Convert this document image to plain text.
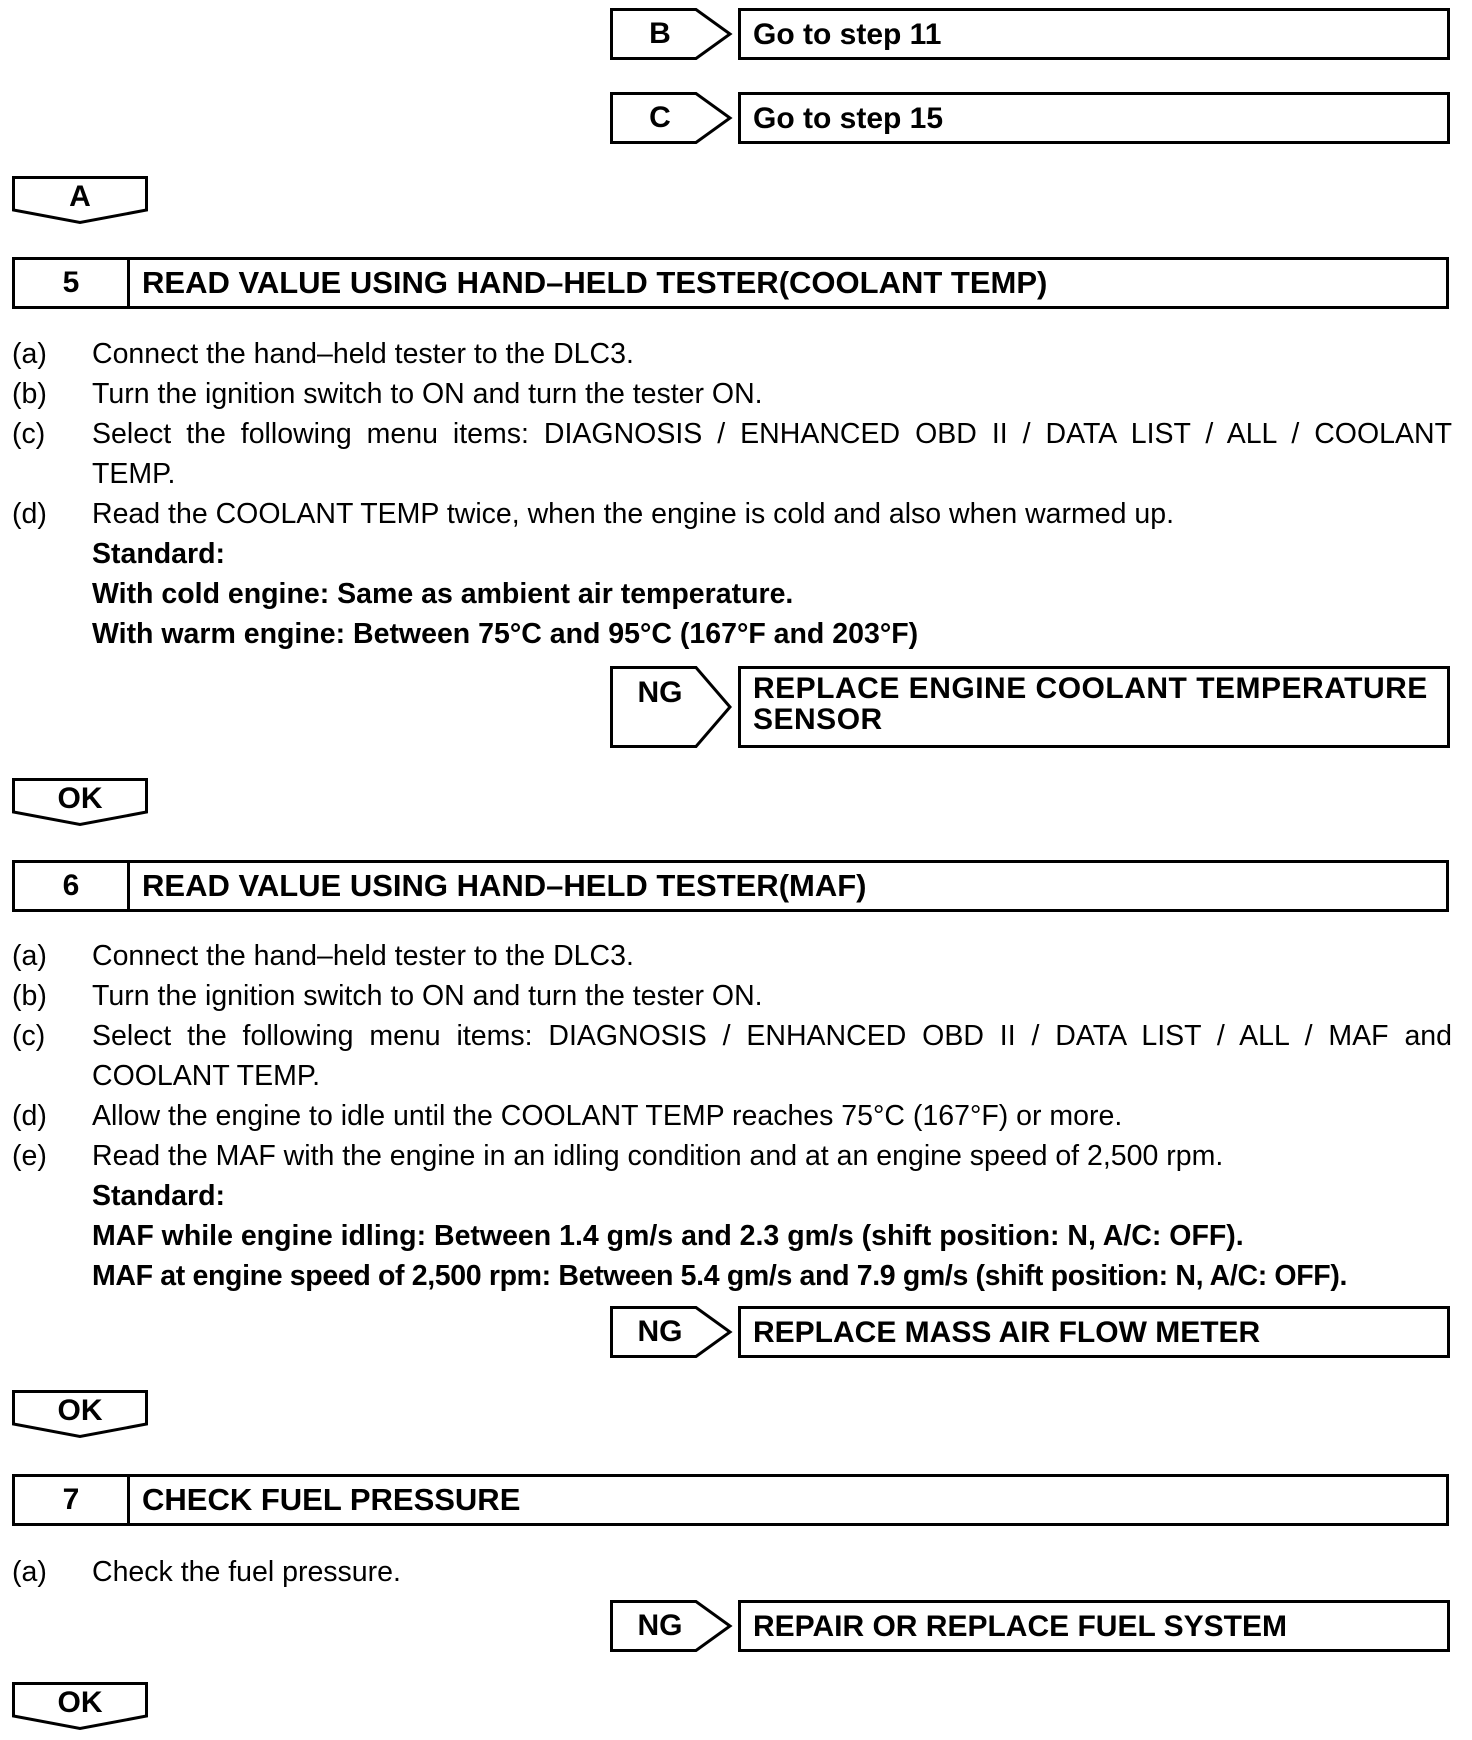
B	Go to step 11
C	Go to step 15
A
5	READ VALUE USING HAND–HELD TESTER(COOLANT TEMP)
(a) Connect the hand–held tester to the DLC3.
(b) Turn the ignition switch to ON and turn the tester ON.
(c) Select the following menu items: DIAGNOSIS / ENHANCED OBD II / DATA LIST / ALL / COOLANT
TEMP.
(d) Read the COOLANT TEMP twice, when the engine is cold and also when warmed up.
Standard:
With cold engine: Same as ambient air temperature.
With warm engine: Between 75°C and 95°C (167°F and 203°F)
NG	REPLACE ENGINE COOLANT TEMPERATURE
SENSOR
OK
6	READ VALUE USING HAND–HELD TESTER(MAF)
(a) Connect the hand–held tester to the DLC3.
(b) Turn the ignition switch to ON and turn the tester ON.
(c) Select the following menu items: DIAGNOSIS / ENHANCED OBD II / DATA LIST / ALL / MAF and
COOLANT TEMP.
(d) Allow the engine to idle until the COOLANT TEMP reaches 75°C (167°F) or more.
(e) Read the MAF with the engine in an idling condition and at an engine speed of 2,500 rpm.
Standard:
MAF while engine idling: Between 1.4 gm/s and 2.3 gm/s (shift position: N, A/C: OFF).
MAF at engine speed of 2,500 rpm: Between 5.4 gm/s and 7.9 gm/s (shift position: N, A/C: OFF).
NG	REPLACE MASS AIR FLOW METER
OK
7	CHECK FUEL PRESSURE
(a) Check the fuel pressure.
NG	REPAIR OR REPLACE FUEL SYSTEM
OK
